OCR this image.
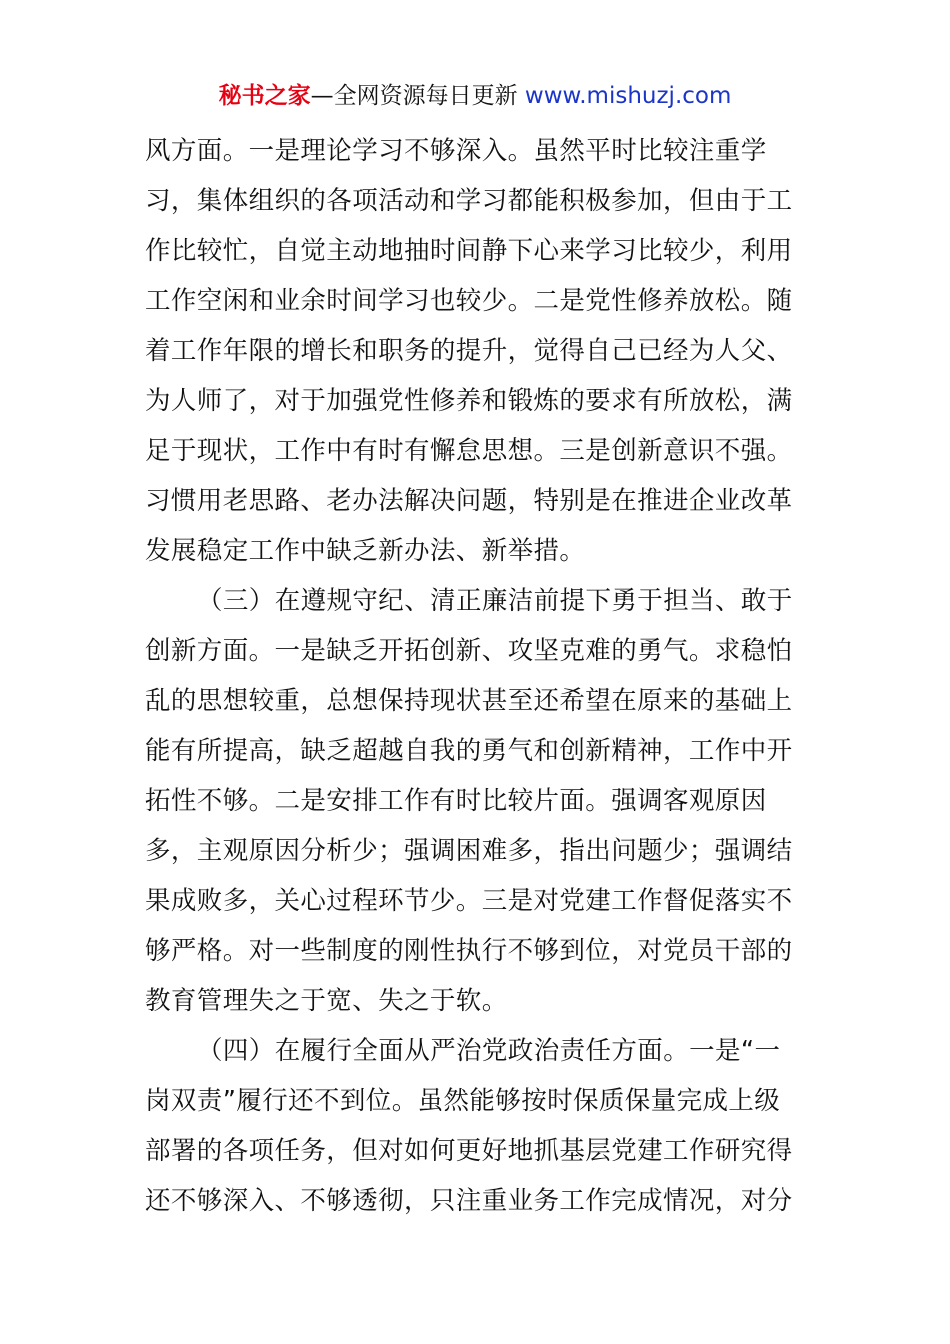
秘书之家—全网资源每日更新 www.mishuzj.com
风方面。一是理论学习不够深入。虽然平时比较注重学
习，集体组织的各项活动和学习都能积极参加，但由于工
作比较忙，自觉主动地抽时间静下心来学习比较少，利用
工作空闲和业余时间学习也较少。二是党性修养放松。随
着工作年限的增长和职务的提升，觉得自己已经为人父、
为人师了，对于加强党性修养和锻炼的要求有所放松，满
足于现状，工作中有时有懈怠思想。三是创新意识不强。
习惯用老思路、老办法解决问题，特别是在推进企业改革
发展稳定工作中缺乏新办法、新举措。
（三）在遵规守纪、清正廉洁前提下勇于担当、敢于
创新方面。一是缺乏开拓创新、攻坚克难的勇气。求稳怕
乱的思想较重，总想保持现状甚至还希望在原来的基础上
能有所提高，缺乏超越自我的勇气和创新精神，工作中开
拓性不够。二是安排工作有时比较片面。强调客观原因
多，主观原因分析少；强调困难多，指出问题少；强调结
果成败多，关心过程环节少。三是对党建工作督促落实不
够严格。对一些制度的刚性执行不够到位，对党员干部的
教育管理失之于宽、失之于软。
（四）在履行全面从严治党政治责任方面。一是“一
岗双责”履行还不到位。虽然能够按时保质保量完成上级
部署的各项任务，但对如何更好地抓基层党建工作研究得
还不够深入、不够透彻，只注重业务工作完成情况，对分
